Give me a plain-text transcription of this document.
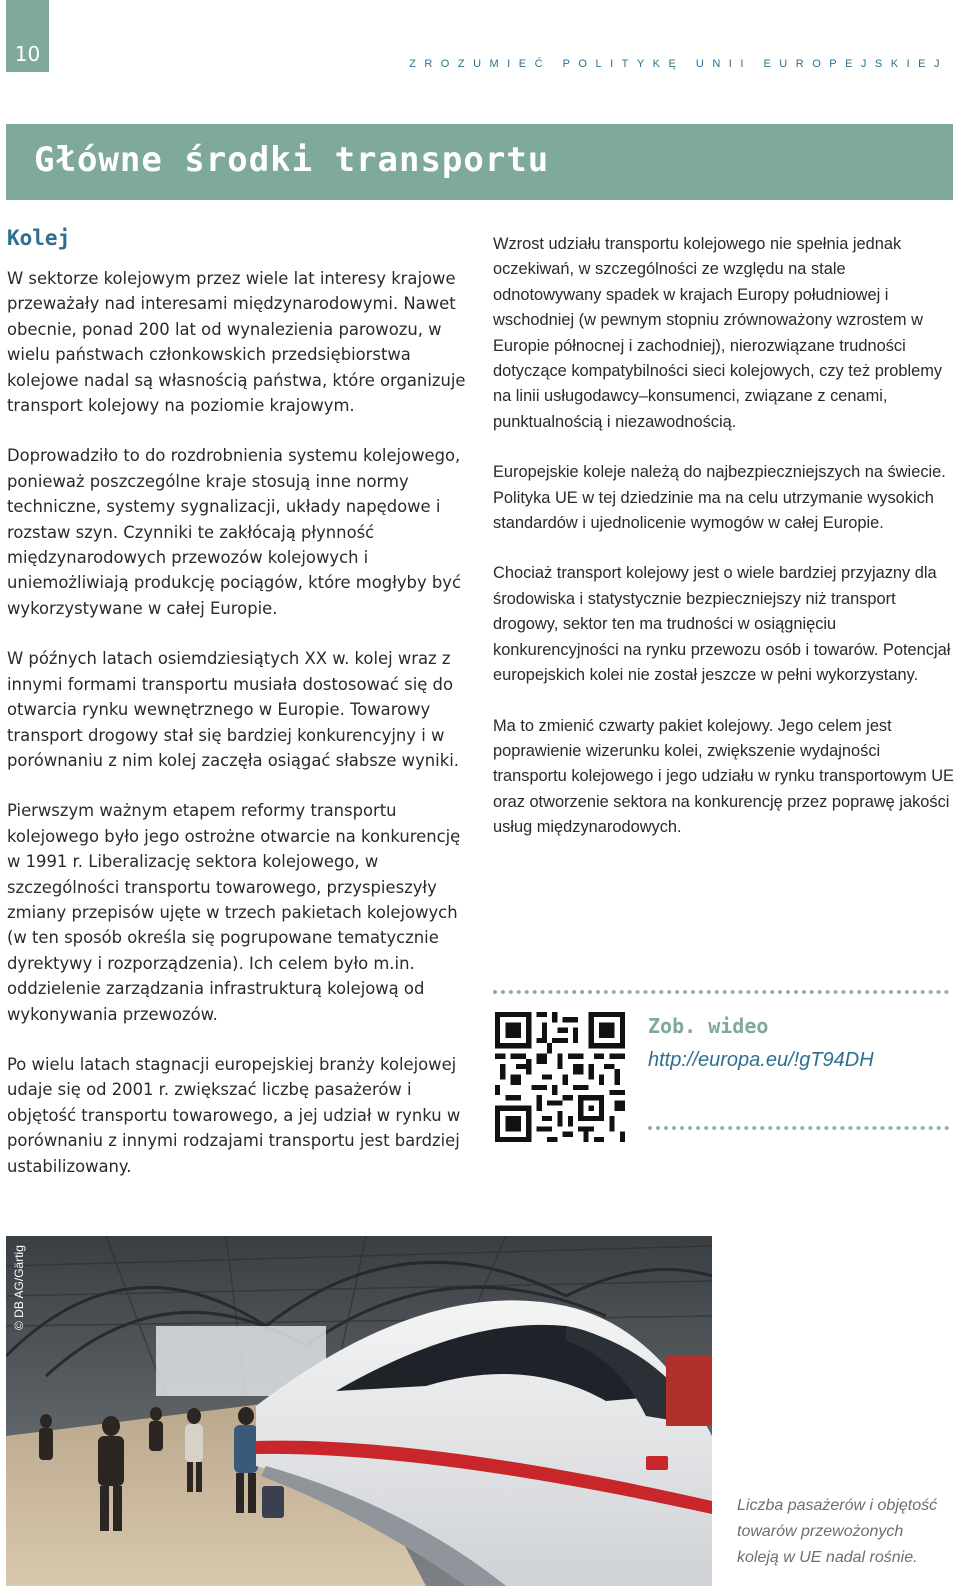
10	ZROZUMIEĆ POLITYKĘ UNII EUROPEJSKIEJ
Główne środki transportu
Kolej

W sektorze kolejowym przez wiele lat interesy krajowe przeważały nad interesami międzynarodowymi. Nawet obecnie, ponad 200 lat od wynalezienia parowozu, w wielu państwach członkowskich przedsiębiorstwa kolejowe nadal są własnością państwa, które organizuje transport kolejowy na poziomie krajowym.

Doprowadziło to do rozdrobnienia systemu kolejowego, ponieważ poszczególne kraje stosują inne normy techniczne, systemy sygnalizacji, układy napędowe i rozstaw szyn. Czynniki te zakłócają płynność międzynarodowych przewozów kolejowych i uniemożliwiają produkcję pociągów, które mogłyby być wykorzystywane w całej Europie.

W późnych latach osiemdziesiątych XX w. kolej wraz z innymi formami transportu musiała dostosować się do otwarcia rynku wewnętrznego w Europie. Towarowy transport drogowy stał się bardziej konkurencyjny i w porównaniu z nim kolej zaczęła osiągać słabsze wyniki.

Pierwszym ważnym etapem reformy transportu kolejowego było jego ostrożne otwarcie na konkurencję w 1991 r. Liberalizację sektora kolejowego, w szczególności transportu towarowego, przyspieszyły zmiany przepisów ujęte w trzech pakietach kolejowych (w ten sposób określa się pogrupowane tematycznie dyrektywy i rozporządzenia). Ich celem było m.in. oddzielenie zarządzania infrastrukturą kolejową od wykonywania przewozów.

Po wielu latach stagnacji europejskiej branży kolejowej udaje się od 2001 r. zwiększać liczbę pasażerów i objętość transportu towarowego, a jej udział w rynku w porównaniu z innymi rodzajami transportu jest bardziej ustabilizowany.

Wzrost udziału transportu kolejowego nie spełnia jednak oczekiwań, w szczególności ze względu na stale odnotowywany spadek w krajach Europy południowej i wschodniej (w pewnym stopniu zrównoważony wzrostem w Europie północnej i zachodniej), nierozwiązane trudności dotyczące kompatybilności sieci kolejowych, czy też problemy na linii usługodawcy–konsumenci, związane z cenami, punktualnością i niezawodnością.

Europejskie koleje należą do najbezpieczniejszych na świecie. Polityka UE w tej dziedzinie ma na celu utrzymanie wysokich standardów i ujednolicenie wymogów w całej Europie.

Chociaż transport kolejowy jest o wiele bardziej przyjazny dla środowiska i statystycznie bezpieczniejszy niż transport drogowy, sektor ten ma trudności w osiągnięciu konkurencyjności na rynku przewozu osób i towarów. Potencjał europejskich kolei nie został jeszcze w pełni wykorzystany.

Ma to zmienić czwarty pakiet kolejowy. Jego celem jest poprawienie wizerunku kolei, zwiększenie wydajności transportu kolejowego i jego udziału w rynku transportowym UE oraz otworzenie sektora na konkurencję przez poprawę jakości usług międzynarodowych.

Zob. wideo
http://europa.eu/!gT94DH
© DB AG/Gärtig
Liczba pasażerów i objętość
towarów przewożonych
koleją w UE nadal rośnie.
